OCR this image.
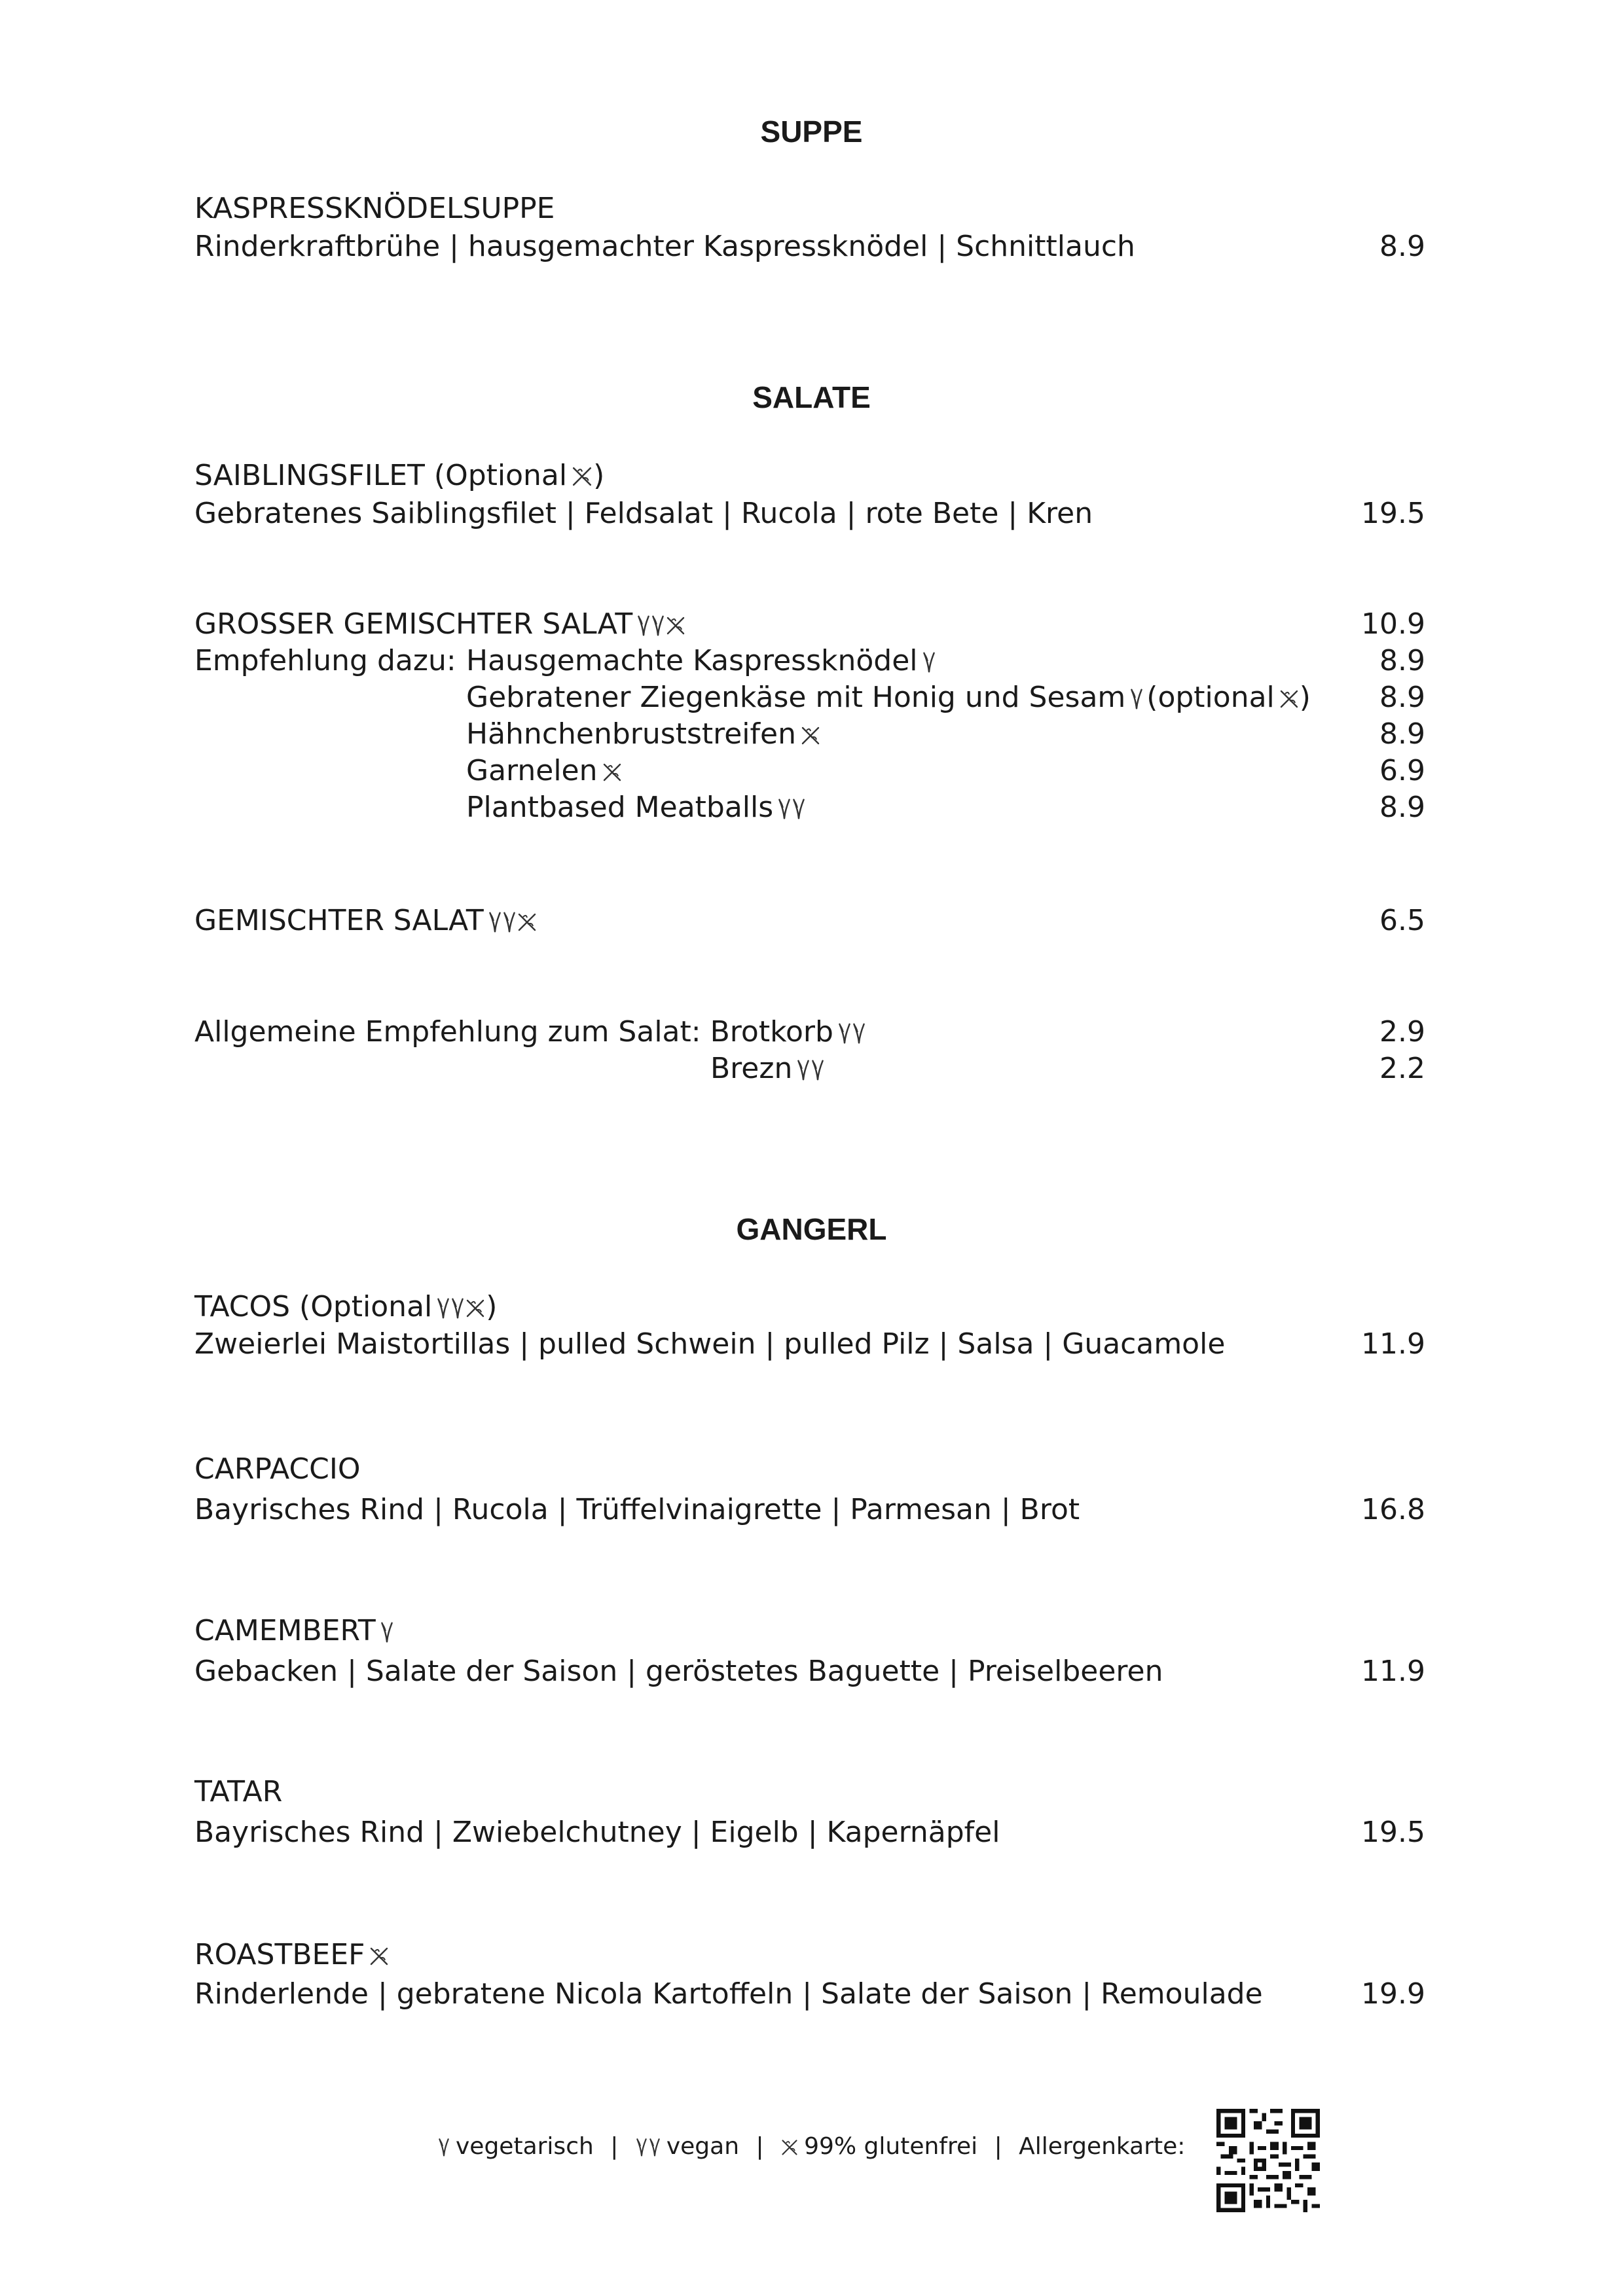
SUPPE
KASPRESSKNÖDELSUPPE
Rinderkraftbrühe | hausgemachter Kaspressknödel | Schnittlauch	8.9
SALATE
SAIBLINGSFILET (Optional )
Gebratenes Saiblingsfilet | Feldsalat | Rucola | rote Bete | Kren	19.5
GROSSER GEMISCHTER SALAT	10.9
Empfehlung dazu: Hausgemachte Kaspressknödel	8.9
Gebratener Ziegenkäse mit Honig und Sesam (optional ) 8.9
Hähnchenbruststreifen	8.9
Garnelen	6.9
Plantbased Meatballs	8.9
GEMISCHTER SALAT	6.5
Allgemeine Empfehlung zum Salat: Brotkorb	2.9
Brezn	2.2
GANGERL
TACOS (Optional )
Zweierlei Maistortillas | pulled Schwein | pulled Pilz | Salsa | Guacamole	11.9
CARPACCIO
Bayrisches Rind | Rucola | Trüffelvinaigrette | Parmesan | Brot	16.8
CAMEMBERT
Gebacken | Salate der Saison | geröstetes Baguette | Preiselbeeren	11.9
TATAR
Bayrisches Rind | Zwiebelchutney | Eigelb | Kapernäpfel	19.5
ROASTBEEF
Rinderlende | gebratene Nicola Kartoffeln | Salate der Saison | Remoulade	19.9
vegetarisch | vegan | 99% glutenfrei | Allergenkarte:
